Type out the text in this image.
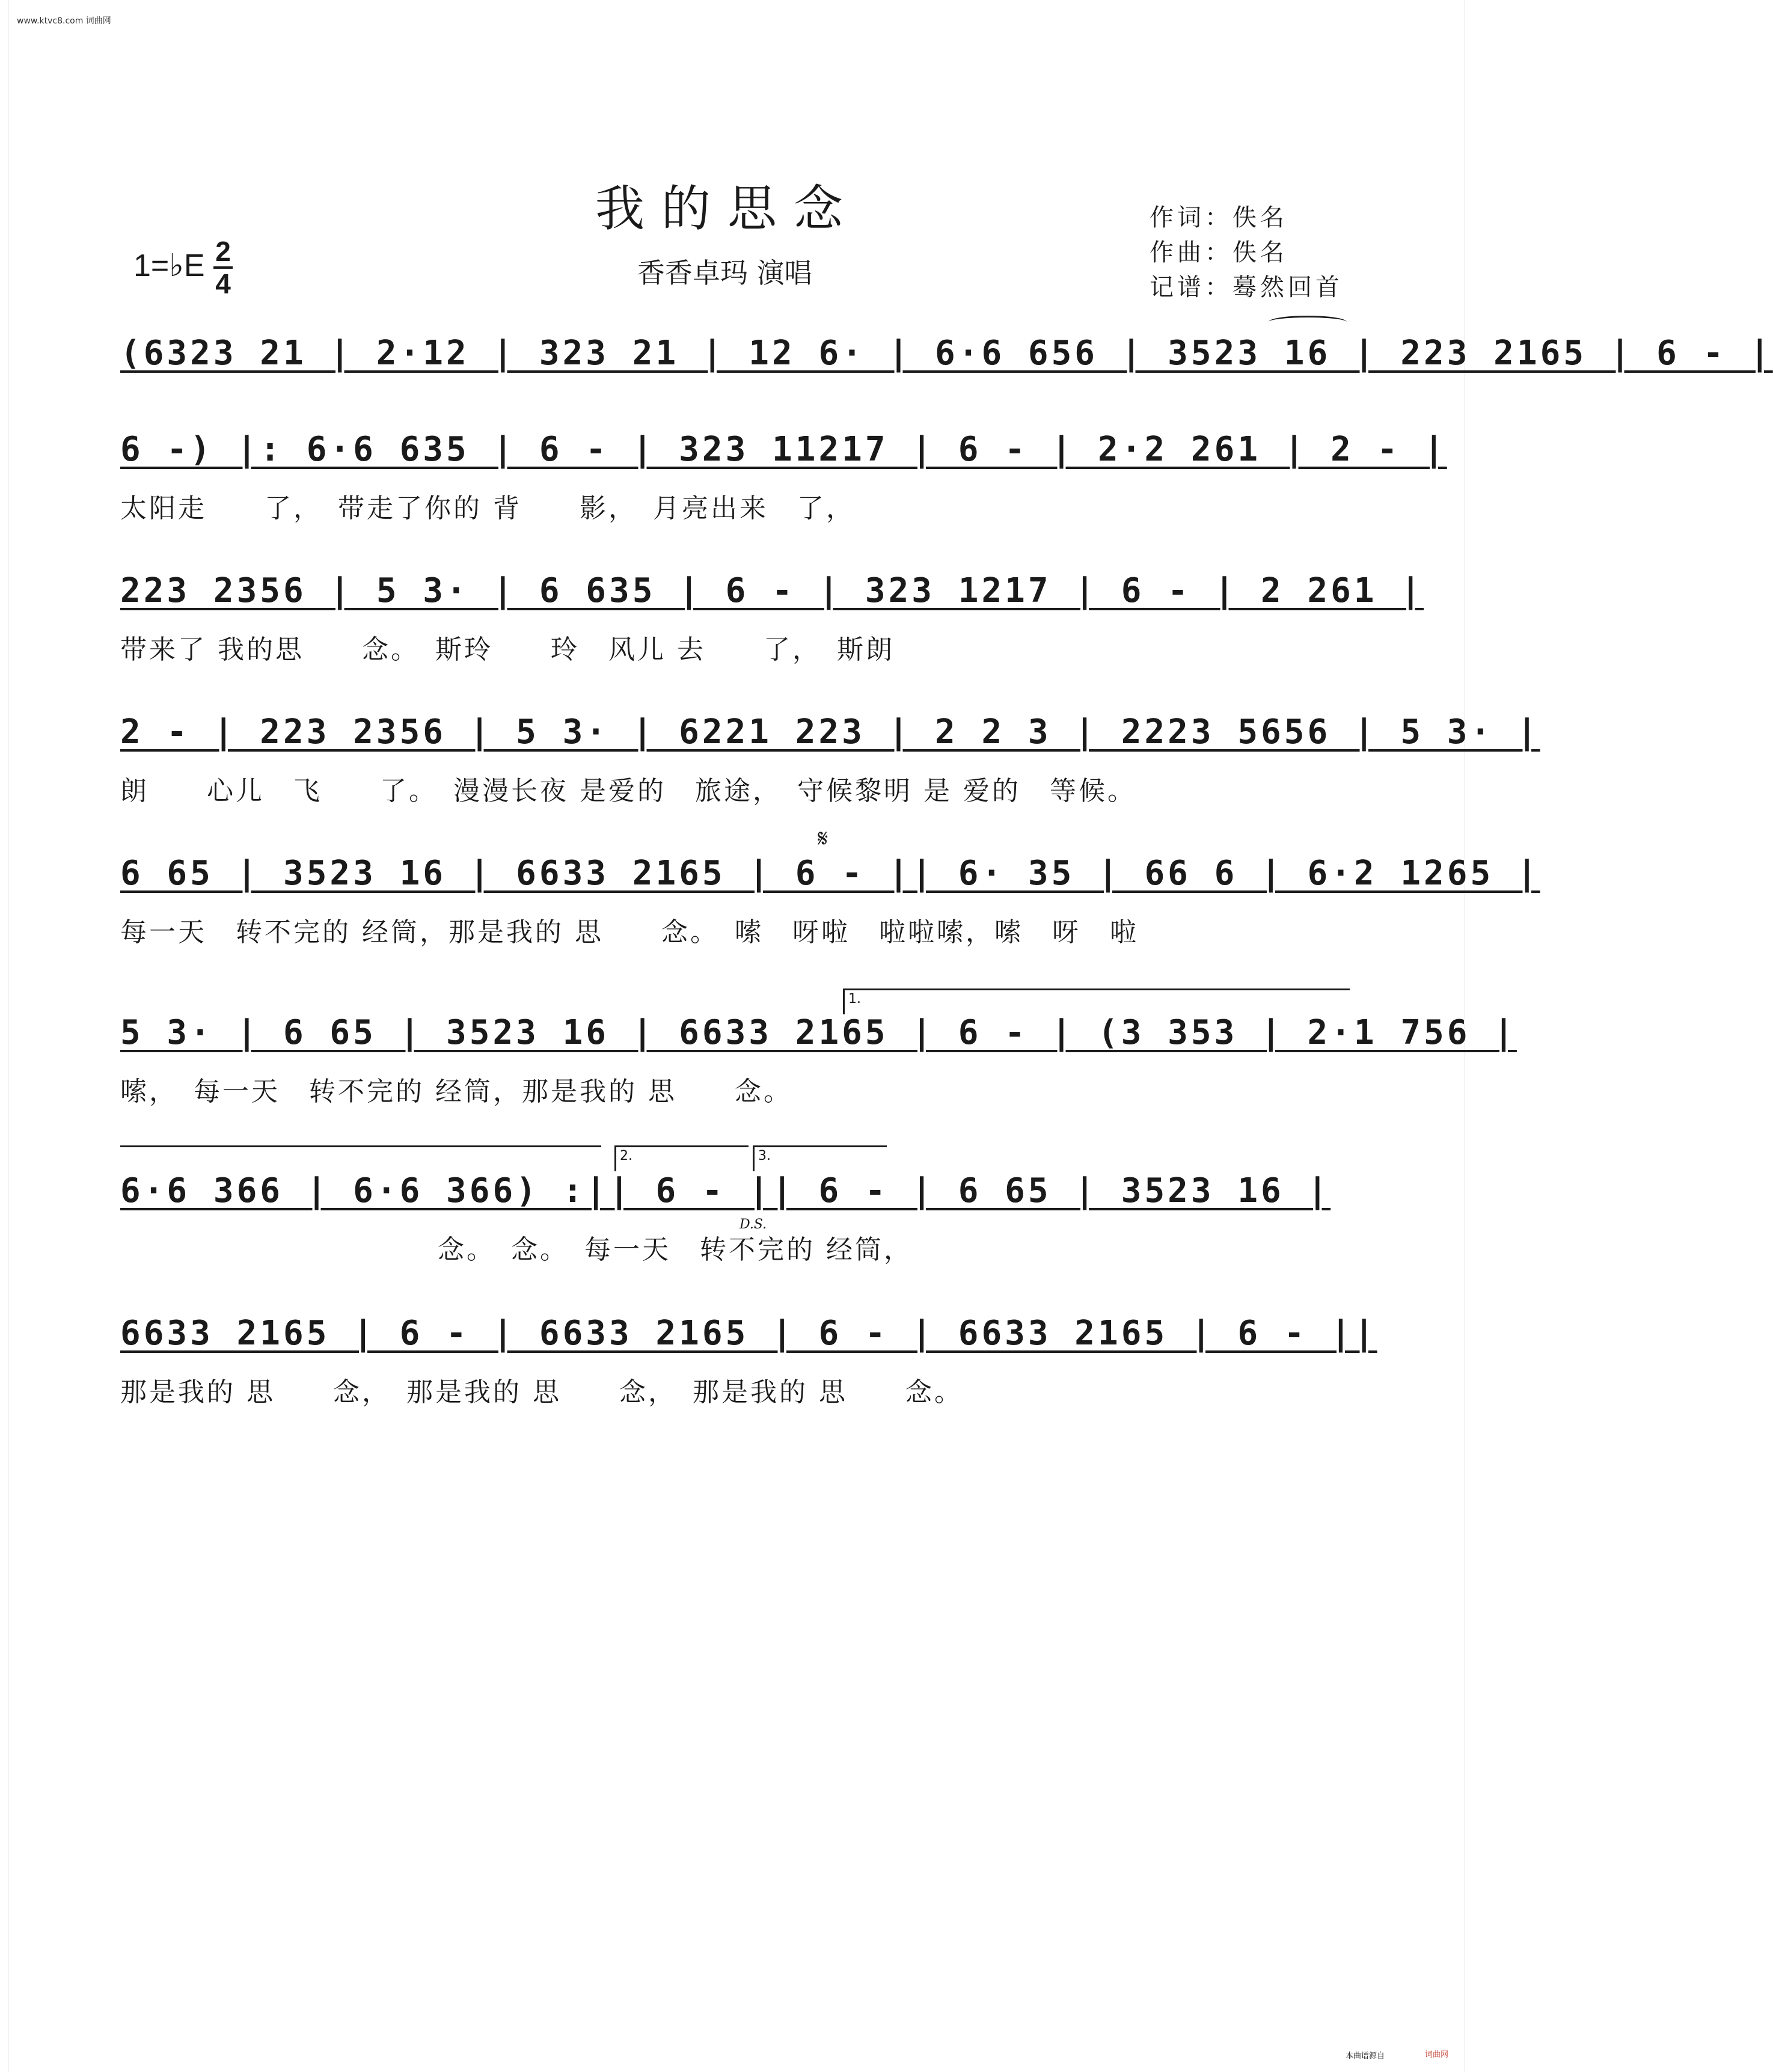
www.ktvc8.com 词曲网
我的思念
香香卓玛 演唱
作词：佚名
作曲：佚名
记谱：蓦然回首
1=♭E 2
4
(6323 21 | 2·12 | 323 21 | 12 6· | 6·6 656 | 3523 16 | 223 2165 | 6 - |
6 -) |: 6·6 635 | 6 - | 323 11217 | 6 - | 2·2 261 | 2 - |
太阳走　　了，　带走了你的 背　　影，　月亮出来　了，
223 2356 | 5 3· | 6 635 | 6 - | 323 1217 | 6 - | 2 261 |
带来了 我的思　　念。　斯玲　　玲　风儿 去　　了，　斯朗
2 - | 223 2356 | 5 3· | 6221 223 | 2 2 3 | 2223 5656 | 5 3· |
朗　　心儿　飞　　了。　漫漫长夜 是爱的　旅途，　守候黎明 是 爱的　等候。
6 65 | 3523 16 | 6633 2165 | 6 - || 6· 35 | 66 6 | 6·2 1265 |
每一天　转不完的 经筒，那是我的 思　　念。　嗦　呀啦　啦啦嗦，嗦　呀　啦
𝄋
5 3· | 6 65 | 3523 16 | 6633 2165 | 6 - | (3 353 | 2·1 756 |
嗦，　每一天　转不完的 经筒，那是我的 思　　念。
1.
6·6 366 | 6·6 366) :|| 6 - || 6 - | 6 65 | 3523 16 |
　　　　　　　　　　　念。　念。　每一天　转不完的 经筒，
2.	3.
D.S.
6633 2165 | 6 - | 6633 2165 | 6 - | 6633 2165 | 6 - ||
那是我的 思　　念，　那是我的 思　　念，　那是我的 思　　念。
本曲谱源自	词曲网
